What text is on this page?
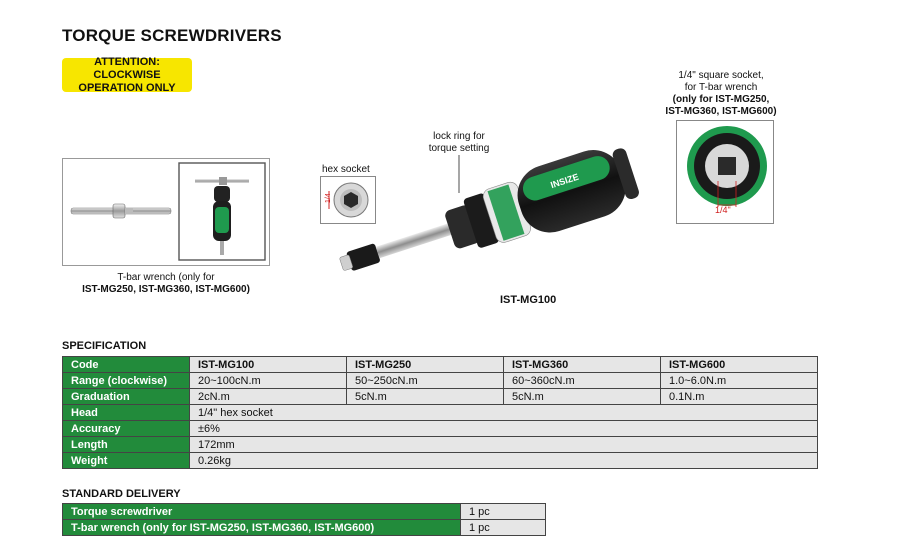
TORQUE SCREWDRIVERS
ATTENTION: CLOCKWISE
OPERATION ONLY
T-bar wrench (only for
IST-MG250, IST-MG360, IST-MG600)
hex socket
1/4
lock ring for
torque setting
INSIZE
IST-MG100
1/4" square socket,
for T-bar wrench
(only for IST-MG250,
IST-MG360, IST-MG600)
1/4"
SPECIFICATION
Code	IST-MG100	IST-MG250	IST-MG360	IST-MG600
Range (clockwise)	20~100cN.m	50~250cN.m	60~360cN.m	1.0~6.0N.m
Graduation	2cN.m	5cN.m	5cN.m	0.1N.m
Head	1/4" hex socket			
Accuracy	±6%			
Length	172mm			
Weight	0.26kg			
STANDARD DELIVERY
Torque screwdriver	1 pc
T-bar wrench (only for IST-MG250, IST-MG360, IST-MG600)	1 pc
